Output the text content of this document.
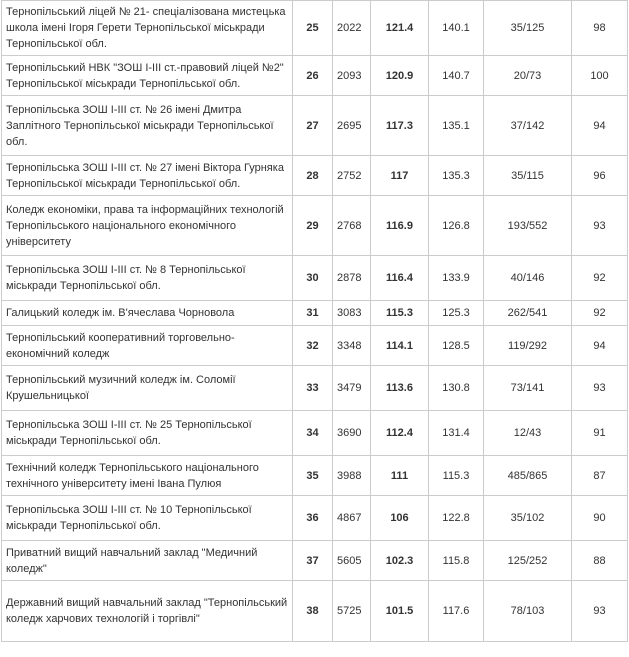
Тернопільський ліцей № 21- спеціалізована мистецька школа імені Ігоря Герети Тернопільської міськради Тернопільської обл.	25	2022	121.4	140.1	35/125	98
Тернопільський НВК "ЗОШ І-ІІІ ст.-правовий ліцей №2" Тернопільської міськради Тернопільської обл.	26	2093	120.9	140.7	20/73	100
Тернопільська ЗОШ І-ІІІ ст. № 26 імені Дмитра Заплітного Тернопільської міськради Тернопільської обл.	27	2695	117.3	135.1	37/142	94
Тернопільська ЗОШ І-ІІІ ст. № 27 імені Віктора Гурняка Тернопільської міськради Тернопільської обл.	28	2752	117	135.3	35/115	96
Коледж економіки, права та інформаційних технологій Тернопільського національного економічного університету	29	2768	116.9	126.8	193/552	93
Тернопільська ЗОШ І-ІІІ ст. № 8 Тернопільської міськради Тернопільської обл.	30	2878	116.4	133.9	40/146	92
Галицький коледж ім. В'ячеслава Чорновола	31	3083	115.3	125.3	262/541	92
Тернопільський кооперативний торговельно-економічний коледж	32	3348	114.1	128.5	119/292	94
Тернопільський музичний коледж ім. Соломії Крушельницької	33	3479	113.6	130.8	73/141	93
Тернопільська ЗОШ І-ІІІ ст. № 25 Тернопільської міськради Тернопільської обл.	34	3690	112.4	131.4	12/43	91
Технічний коледж Тернопільського національного технічного університету імені Івана Пулюя	35	3988	111	115.3	485/865	87
Тернопільська ЗОШ І-ІІІ ст. № 10 Тернопільської міськради Тернопільської обл.	36	4867	106	122.8	35/102	90
Приватний вищий навчальний заклад "Медичний коледж"	37	5605	102.3	115.8	125/252	88
Державний вищий навчальний заклад "Тернопільський коледж харчових технологій і торгівлі"	38	5725	101.5	117.6	78/103	93
